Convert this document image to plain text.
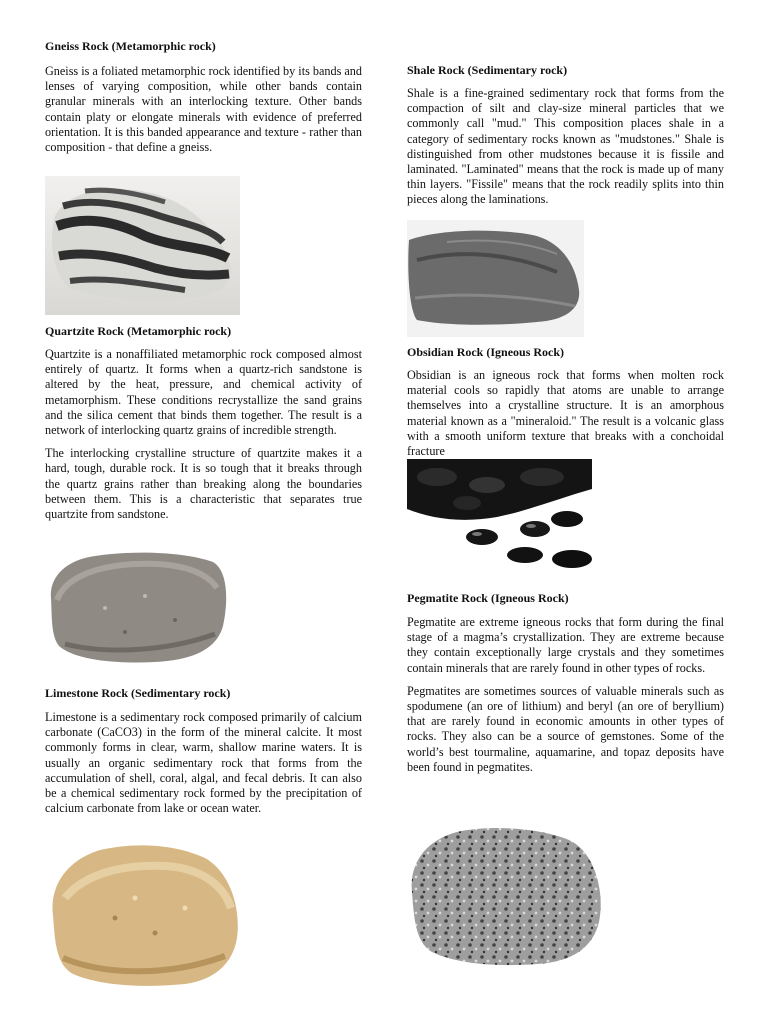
Gneiss Rock (Metamorphic rock)

Gneiss is a foliated metamorphic rock identified by its bands and lenses of varying composition, while other bands contain granular minerals with an interlocking texture. Other bands contain platy or elongate minerals with evidence of preferred orientation. It is this banded appearance and texture - rather than composition - that define a gneiss.

Quartzite Rock (Metamorphic rock)

Quartzite is a nonaffiliated metamorphic rock composed almost entirely of quartz. It forms when a quartz-rich sandstone is altered by the heat, pressure, and chemical activity of metamorphism. These conditions recrystallize the sand grains and the silica cement that binds them together. The result is a network of interlocking quartz grains of incredible strength.

The interlocking crystalline structure of quartzite makes it a hard, tough, durable rock. It is so tough that it breaks through the quartz grains rather than breaking along the boundaries between them. This is a characteristic that separates true quartzite from sandstone.

Limestone Rock (Sedimentary rock)

Limestone is a sedimentary rock composed primarily of calcium carbonate (CaCO3) in the form of the mineral calcite. It most commonly forms in clear, warm, shallow marine waters. It is usually an organic sedimentary rock that forms from the accumulation of shell, coral, algal, and fecal debris. It can also be a chemical sedimentary rock formed by the precipitation of calcium carbonate from lake or ocean water.

Shale Rock (Sedimentary rock)

Shale is a fine-grained sedimentary rock that forms from the compaction of silt and clay-size mineral particles that we commonly call "mud." This composition places shale in a category of sedimentary rocks known as "mudstones." Shale is distinguished from other mudstones because it is fissile and laminated. "Laminated" means that the rock is made up of many thin layers. "Fissile" means that the rock readily splits into thin pieces along the laminations.

Obsidian Rock (Igneous Rock)

Obsidian is an igneous rock that forms when molten rock material cools so rapidly that atoms are unable to arrange themselves into a crystalline structure. It is an amorphous material known as a "mineraloid." The result is a volcanic glass with a smooth uniform texture that breaks with a conchoidal fracture

Pegmatite Rock (Igneous Rock)

Pegmatite are extreme igneous rocks that form during the final stage of a magma’s crystallization. They are extreme because they contain exceptionally large crystals and they sometimes contain minerals that are rarely found in other types of rocks.

Pegmatites are sometimes sources of valuable minerals such as spodumene (an ore of lithium) and beryl (an ore of beryllium) that are rarely found in economic amounts in other types of rocks. They also can be a source of gemstones. Some of the world’s best tourmaline, aquamarine, and topaz deposits have been found in pegmatites.
